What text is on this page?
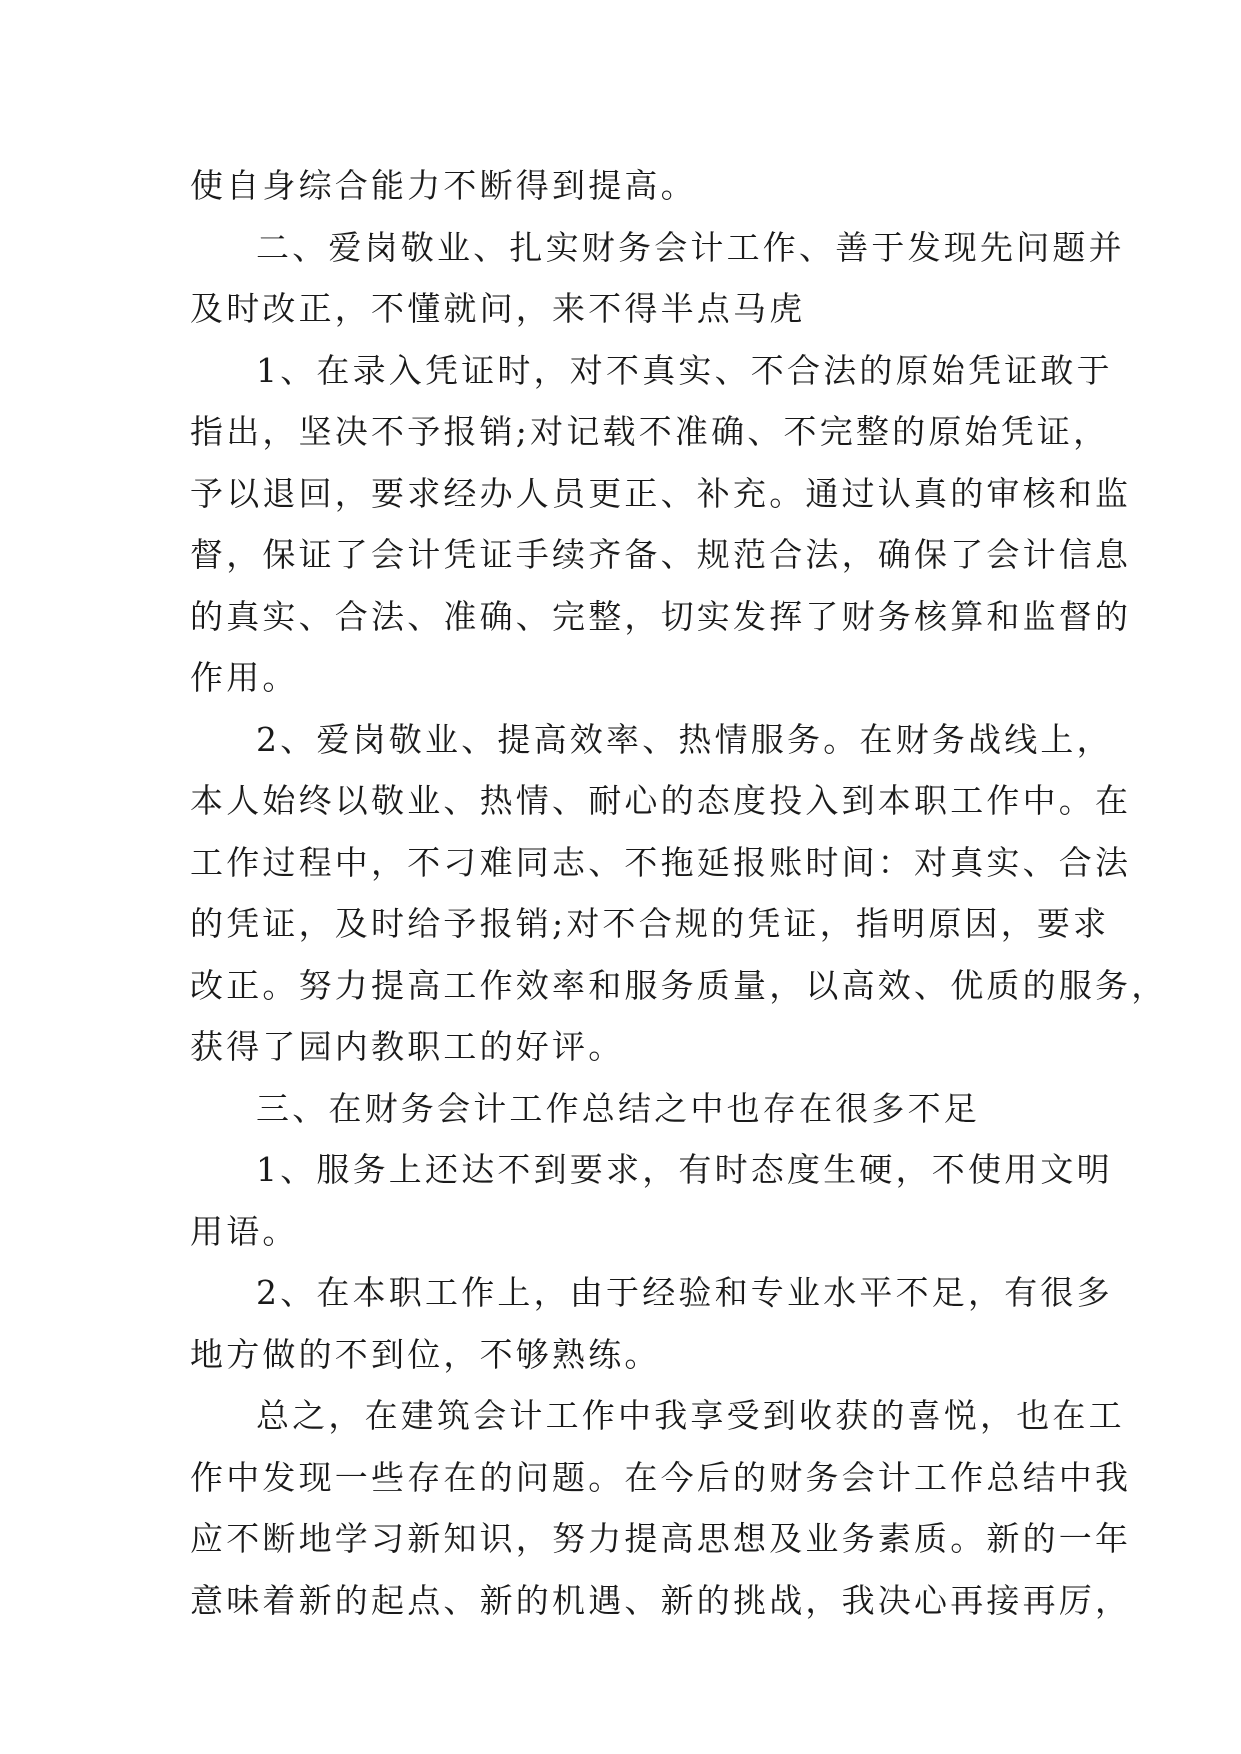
使自身综合能力不断得到提高。
二、爱岗敬业、扎实财务会计工作、善于发现先问题并
及时改正，不懂就问，来不得半点马虎
1、在录入凭证时，对不真实、不合法的原始凭证敢于
指出，坚决不予报销;对记载不准确、不完整的原始凭证，
予以退回，要求经办人员更正、补充。通过认真的审核和监
督，保证了会计凭证手续齐备、规范合法，确保了会计信息
的真实、合法、准确、完整，切实发挥了财务核算和监督的
作用。
2、爱岗敬业、提高效率、热情服务。在财务战线上，
本人始终以敬业、热情、耐心的态度投入到本职工作中。在
工作过程中，不刁难同志、不拖延报账时间：对真实、合法
的凭证，及时给予报销;对不合规的凭证，指明原因，要求
改正。努力提高工作效率和服务质量，以高效、优质的服务，
获得了园内教职工的好评。
三、在财务会计工作总结之中也存在很多不足
1、服务上还达不到要求，有时态度生硬，不使用文明
用语。
2、在本职工作上，由于经验和专业水平不足，有很多
地方做的不到位，不够熟练。
总之，在建筑会计工作中我享受到收获的喜悦，也在工
作中发现一些存在的问题。在今后的财务会计工作总结中我
应不断地学习新知识，努力提高思想及业务素质。新的一年
意味着新的起点、新的机遇、新的挑战，我决心再接再厉，
